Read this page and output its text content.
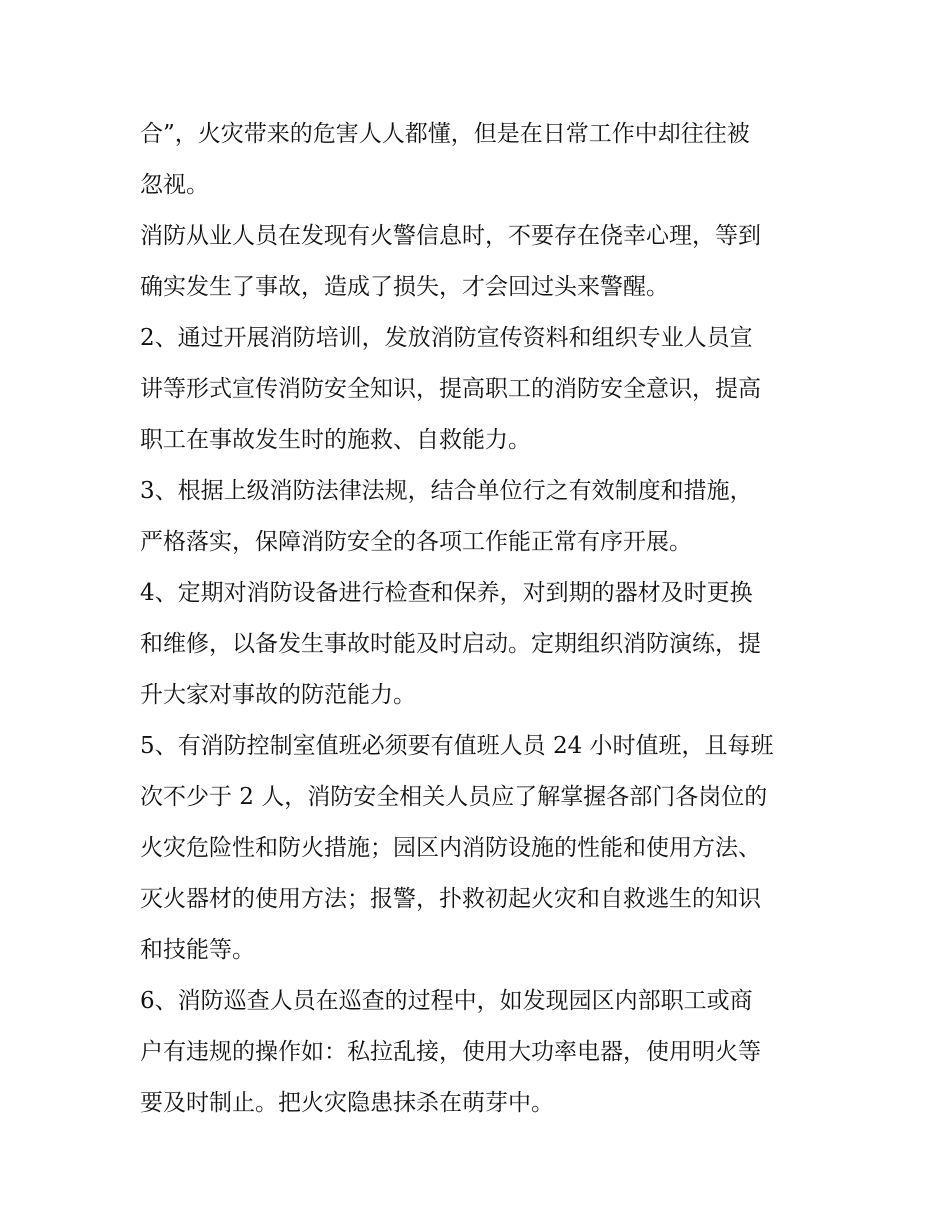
合”，火灾带来的危害人人都懂，但是在日常工作中却往往被
忽视。

消防从业人员在发现有火警信息时，不要存在侥幸心理，等到
确实发生了事故，造成了损失，才会回过头来警醒。

2、通过开展消防培训，发放消防宣传资料和组织专业人员宣
讲等形式宣传消防安全知识，提高职工的消防安全意识，提高
职工在事故发生时的施救、自救能力。

3、根据上级消防法律法规，结合单位行之有效制度和措施，
严格落实，保障消防安全的各项工作能正常有序开展。

4、定期对消防设备进行检查和保养，对到期的器材及时更换
和维修，以备发生事故时能及时启动。定期组织消防演练，提
升大家对事故的防范能力。

5、有消防控制室值班必须要有值班人员 24 小时值班，且每班
次不少于 2 人，消防安全相关人员应了解掌握各部门各岗位的
火灾危险性和防火措施；园区内消防设施的性能和使用方法、
灭火器材的使用方法；报警，扑救初起火灾和自救逃生的知识
和技能等。

6、消防巡查人员在巡查的过程中，如发现园区内部职工或商
户有违规的操作如：私拉乱接，使用大功率电器，使用明火等
要及时制止。把火灾隐患抹杀在萌芽中。
